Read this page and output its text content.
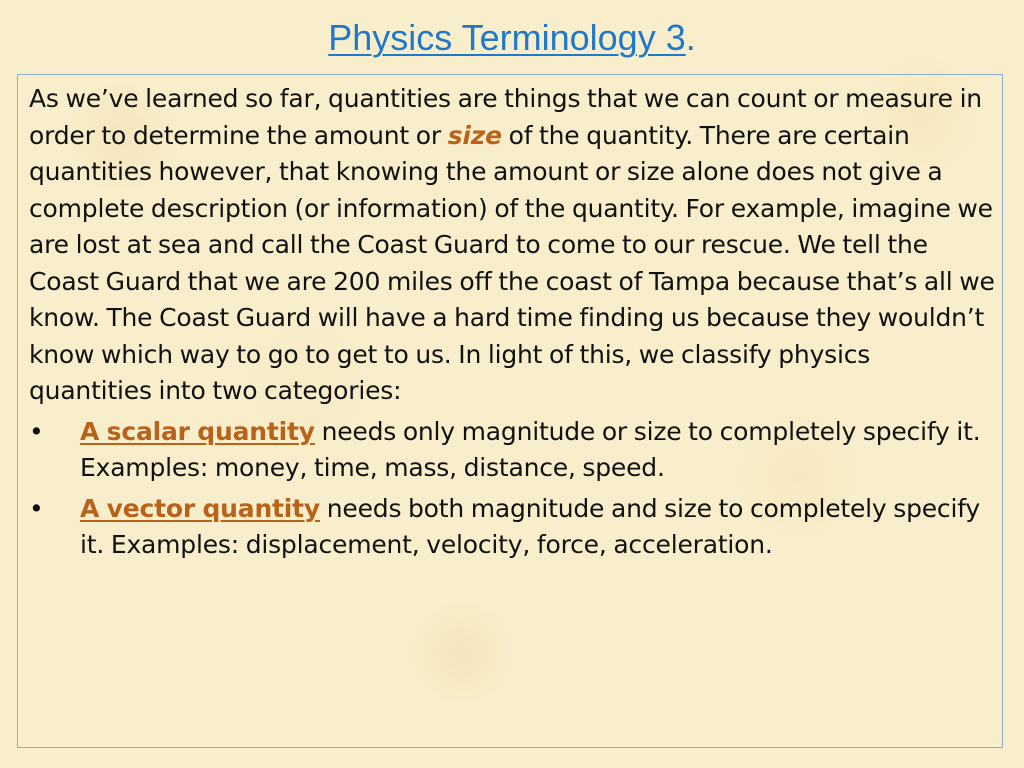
Physics Terminology 3.

As we’ve learned so far, quantities are things that we can count or measure in order to determine the amount or size of the quantity. There are certain quantities however, that knowing the amount or size alone does not give a complete description (or information) of the quantity. For example, imagine we are lost at sea and call the Coast Guard to come to our rescue. We tell the Coast Guard that we are 200 miles off the coast of Tampa because that’s all we know. The Coast Guard will have a hard time finding us because they wouldn’t know which way to go to get to us. In light of this, we classify physics quantities into two categories:

• A scalar quantity needs only magnitude or size to completely specify it. Examples: money, time, mass, distance, speed.
• A vector quantity needs both magnitude and size to completely specify it. Examples: displacement, velocity, force, acceleration.
